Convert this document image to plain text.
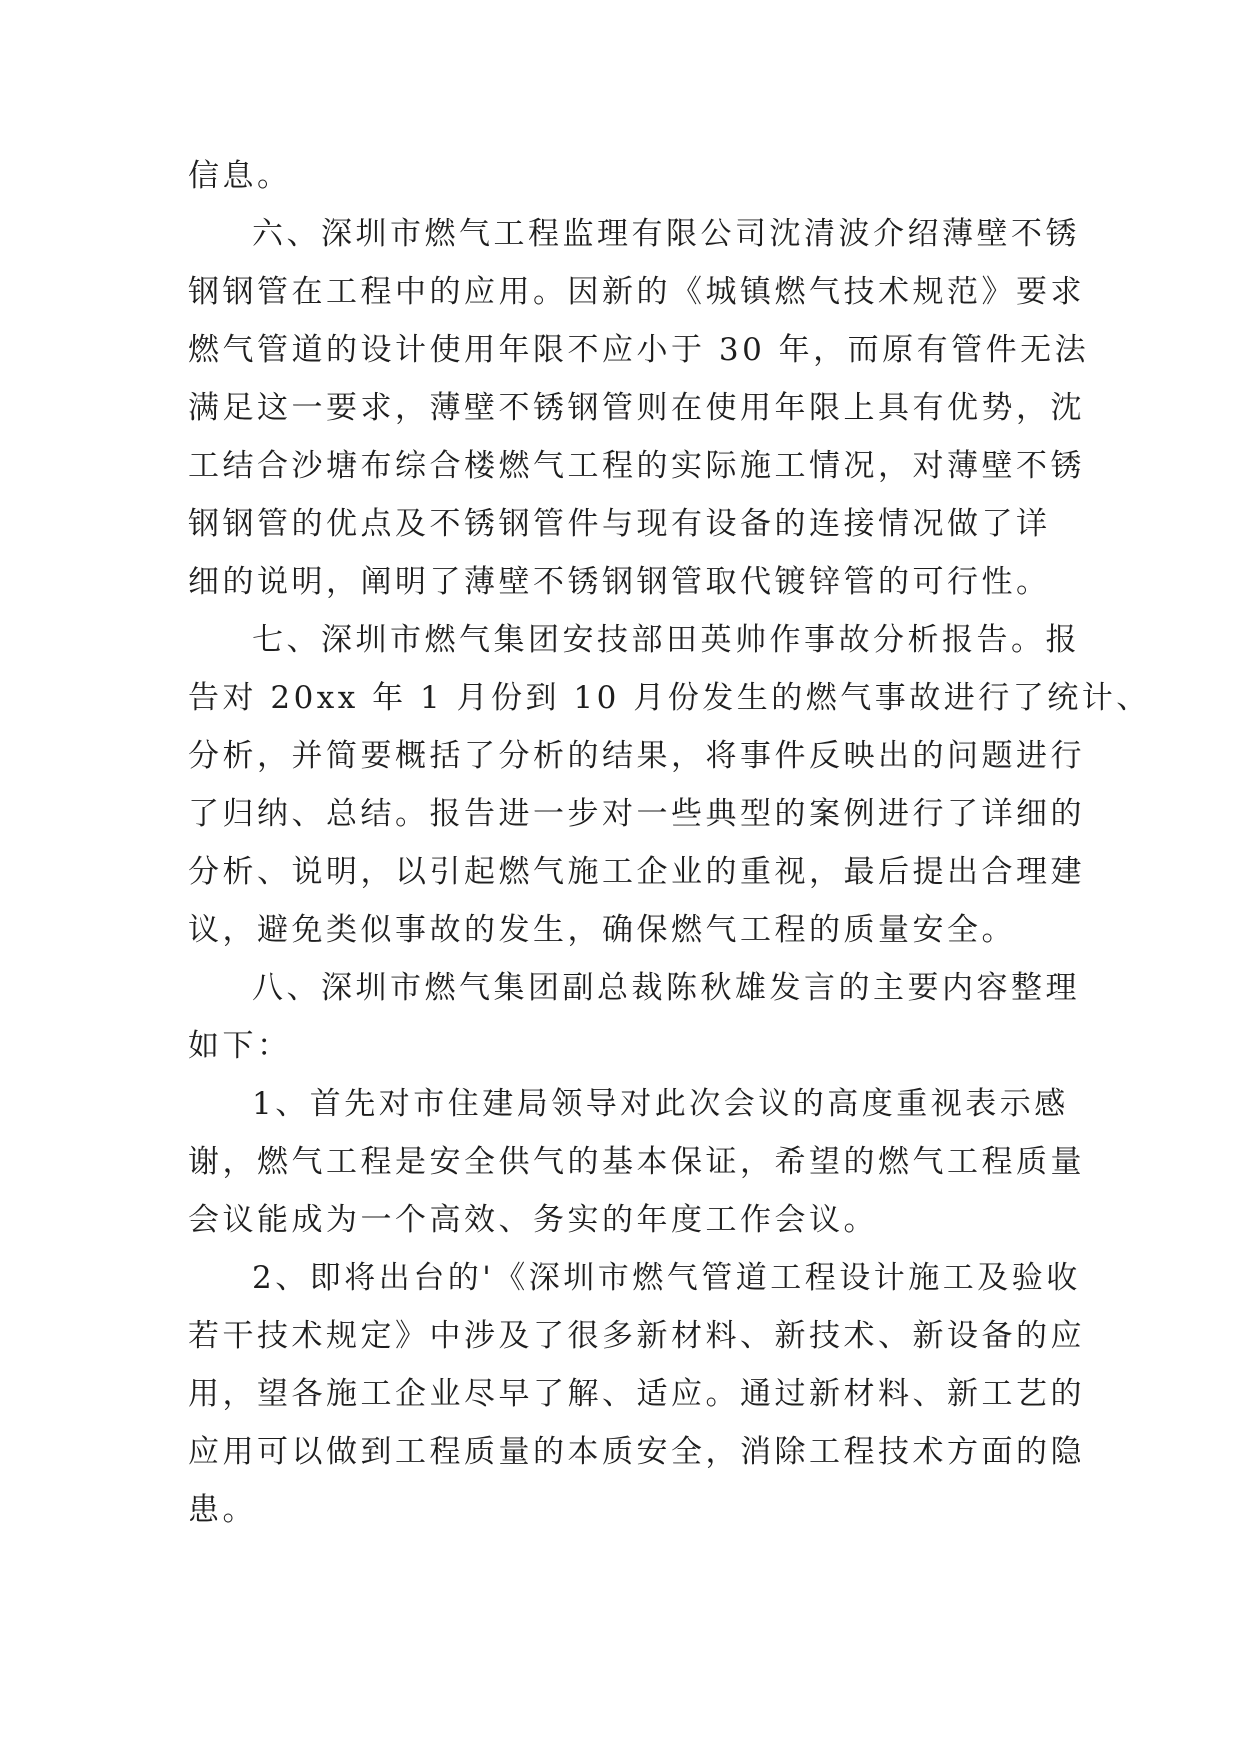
信息。

六、深圳市燃气工程监理有限公司沈清波介绍薄壁不锈

钢钢管在工程中的应用。因新的《城镇燃气技术规范》要求

燃气管道的设计使用年限不应小于 30 年，而原有管件无法

满足这一要求，薄壁不锈钢管则在使用年限上具有优势，沈

工结合沙塘布综合楼燃气工程的实际施工情况，对薄壁不锈

钢钢管的优点及不锈钢管件与现有设备的连接情况做了详

细的说明，阐明了薄壁不锈钢钢管取代镀锌管的可行性。

七、深圳市燃气集团安技部田英帅作事故分析报告。报

告对 20xx 年 1 月份到 10 月份发生的燃气事故进行了统计、

分析，并简要概括了分析的结果，将事件反映出的问题进行

了归纳、总结。报告进一步对一些典型的案例进行了详细的

分析、说明，以引起燃气施工企业的重视，最后提出合理建

议，避免类似事故的发生，确保燃气工程的质量安全。

八、深圳市燃气集团副总裁陈秋雄发言的主要内容整理

如下：

1、首先对市住建局领导对此次会议的高度重视表示感

谢，燃气工程是安全供气的基本保证，希望的燃气工程质量

会议能成为一个高效、务实的年度工作会议。

2、即将出台的'《深圳市燃气管道工程设计施工及验收

若干技术规定》中涉及了很多新材料、新技术、新设备的应

用，望各施工企业尽早了解、适应。通过新材料、新工艺的

应用可以做到工程质量的本质安全，消除工程技术方面的隐

患。
